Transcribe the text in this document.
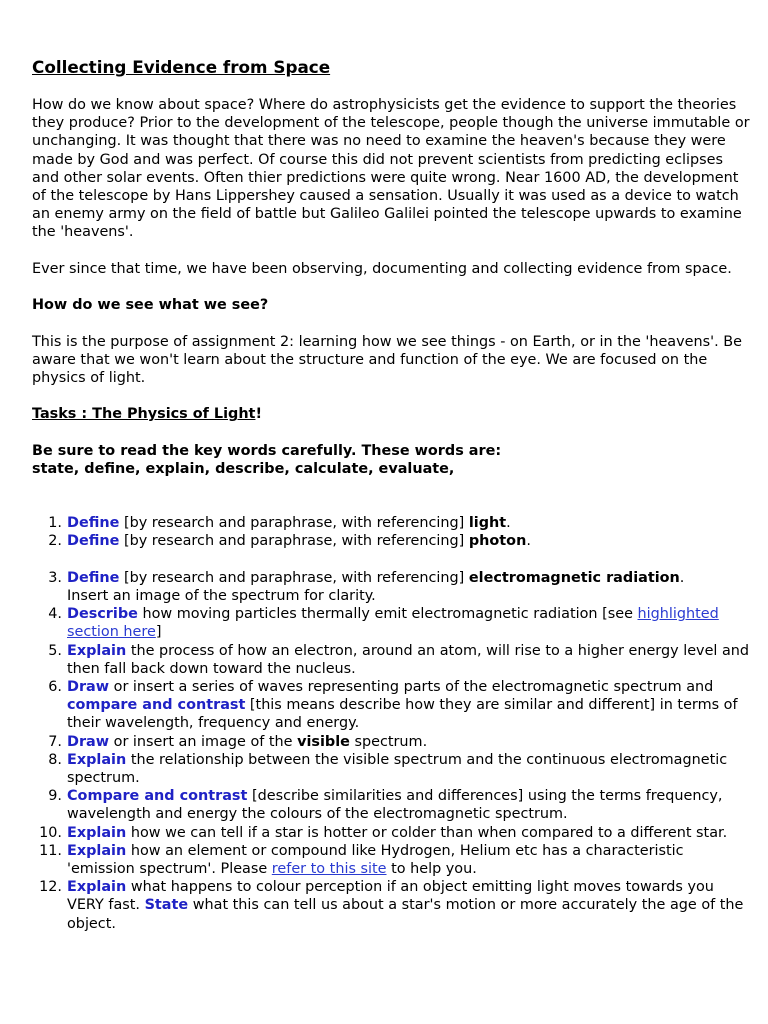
Collecting Evidence from Space

How do we know about space? Where do astrophysicists get the evidence to support the theories they produce? Prior to the development of the telescope, people though the universe immutable or unchanging. It was thought that there was no need to examine the heaven's because they were made by God and was perfect. Of course this did not prevent scientists from predicting eclipses and other solar events. Often thier predictions were quite wrong. Near 1600 AD, the development of the telescope by Hans Lippershey caused a sensation. Usually it was used as a device to watch an enemy army on the field of battle but Galileo Galilei pointed the telescope upwards to examine the 'heavens'.

Ever since that time, we have been observing, documenting and collecting evidence from space.

How do we see what we see?

This is the purpose of assignment 2: learning how we see things - on Earth, or in the 'heavens'. Be aware that we won't learn about the structure and function of the eye. We are focused on the physics of light.

Tasks : The Physics of Light!

Be sure to read the key words carefully. These words are:
state, define, explain, describe, calculate, evaluate,

1. Define [by research and paraphrase, with referencing] light.
2. Define [by research and paraphrase, with referencing] photon.

3. Define [by research and paraphrase, with referencing] electromagnetic radiation.
Insert an image of the spectrum for clarity.

4. Describe how moving particles thermally emit electromagnetic radiation [see highlighted section here]
5. Explain the process of how an electron, around an atom, will rise to a higher energy level and then fall back down toward the nucleus.
6. Draw or insert a series of waves representing parts of the electromagnetic spectrum and compare and contrast [this means describe how they are similar and different] in terms of their wavelength, frequency and energy.
7. Draw or insert an image of the visible spectrum.
8. Explain the relationship between the visible spectrum and the continuous electromagnetic spectrum.
9. Compare and contrast [describe similarities and differences] using the terms frequency, wavelength and energy the colours of the electromagnetic spectrum.
10. Explain how we can tell if a star is hotter or colder than when compared to a different star.
11. Explain how an element or compound like Hydrogen, Helium etc has a characteristic 'emission spectrum'. Please refer to this site to help you.
12. Explain what happens to colour perception if an object emitting light moves towards you VERY fast. State what this can tell us about a star's motion or more accurately the age of the object.
